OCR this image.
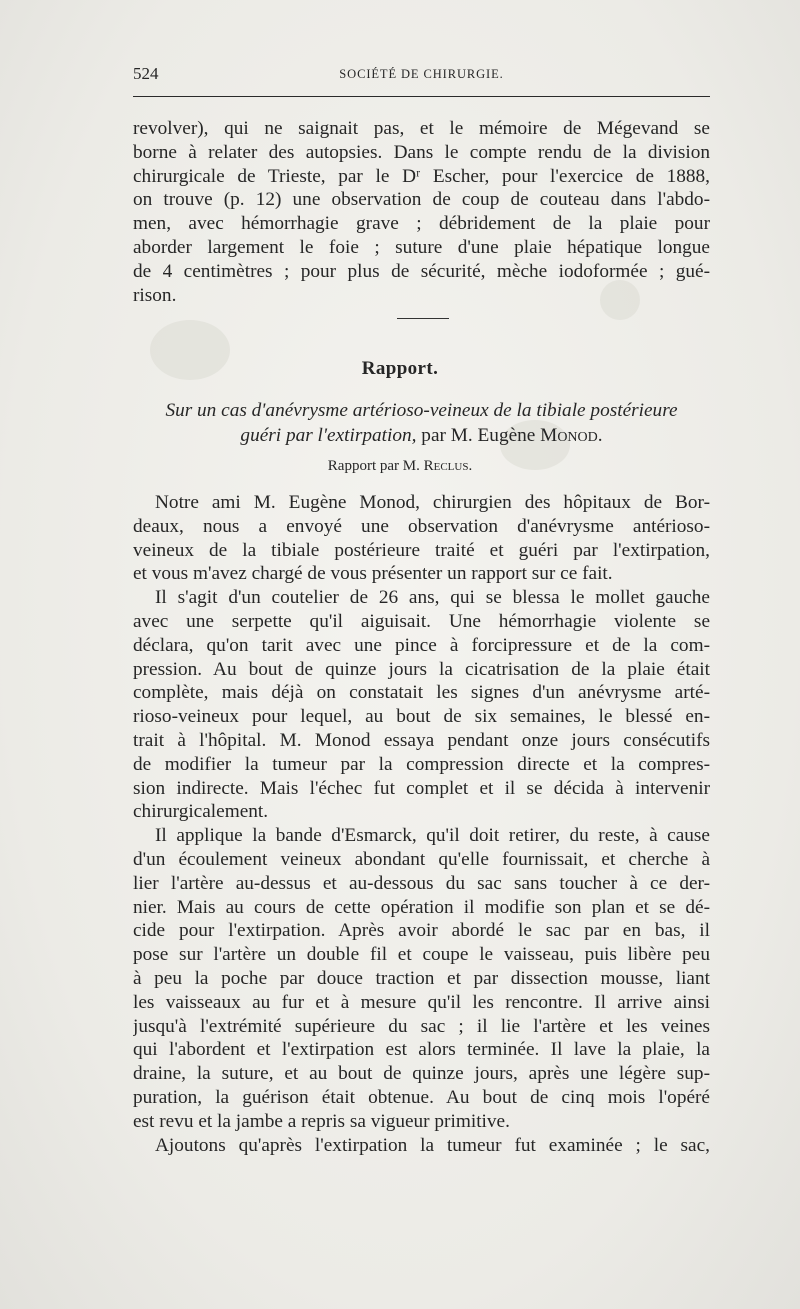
524	SOCIÉTÉ DE CHIRURGIE.

revolver), qui ne saignait pas, et le mémoire de Mégevand se
borne à relater des autopsies. Dans le compte rendu de la division
chirurgicale de Trieste, par le Dʳ Escher, pour l'exercice de 1888,
on trouve (p. 12) une observation de coup de couteau dans l'abdo-
men, avec hémorrhagie grave ; débridement de la plaie pour
aborder largement le foie ; suture d'une plaie hépatique longue
de 4 centimètres ; pour plus de sécurité, mèche iodoformée ; gué-
rison.

Rapport.
Sur un cas d'anévrysme artérioso-veineux de la tibiale postérieure
guéri par l'extirpation, par M. Eugène Monod.
Rapport par M. Reclus.

Notre ami M. Eugène Monod, chirurgien des hôpitaux de Bor-
deaux, nous a envoyé une observation d'anévrysme antérioso-
veineux de la tibiale postérieure traité et guéri par l'extirpation,
et vous m'avez chargé de vous présenter un rapport sur ce fait.

Il s'agit d'un coutelier de 26 ans, qui se blessa le mollet gauche
avec une serpette qu'il aiguisait. Une hémorrhagie violente se
déclara, qu'on tarit avec une pince à forcipressure et de la com-
pression. Au bout de quinze jours la cicatrisation de la plaie était
complète, mais déjà on constatait les signes d'un anévrysme arté-
rioso-veineux pour lequel, au bout de six semaines, le blessé en-
trait à l'hôpital. M. Monod essaya pendant onze jours consécutifs
de modifier la tumeur par la compression directe et la compres-
sion indirecte. Mais l'échec fut complet et il se décida à intervenir
chirurgicalement.

Il applique la bande d'Esmarck, qu'il doit retirer, du reste, à cause
d'un écoulement veineux abondant qu'elle fournissait, et cherche à
lier l'artère au-dessus et au-dessous du sac sans toucher à ce der-
nier. Mais au cours de cette opération il modifie son plan et se dé-
cide pour l'extirpation. Après avoir abordé le sac par en bas, il
pose sur l'artère un double fil et coupe le vaisseau, puis libère peu
à peu la poche par douce traction et par dissection mousse, liant
les vaisseaux au fur et à mesure qu'il les rencontre. Il arrive ainsi
jusqu'à l'extrémité supérieure du sac ; il lie l'artère et les veines
qui l'abordent et l'extirpation est alors terminée. Il lave la plaie, la
draine, la suture, et au bout de quinze jours, après une légère sup-
puration, la guérison était obtenue. Au bout de cinq mois l'opéré
est revu et la jambe a repris sa vigueur primitive.

Ajoutons qu'après l'extirpation la tumeur fut examinée ; le sac,
